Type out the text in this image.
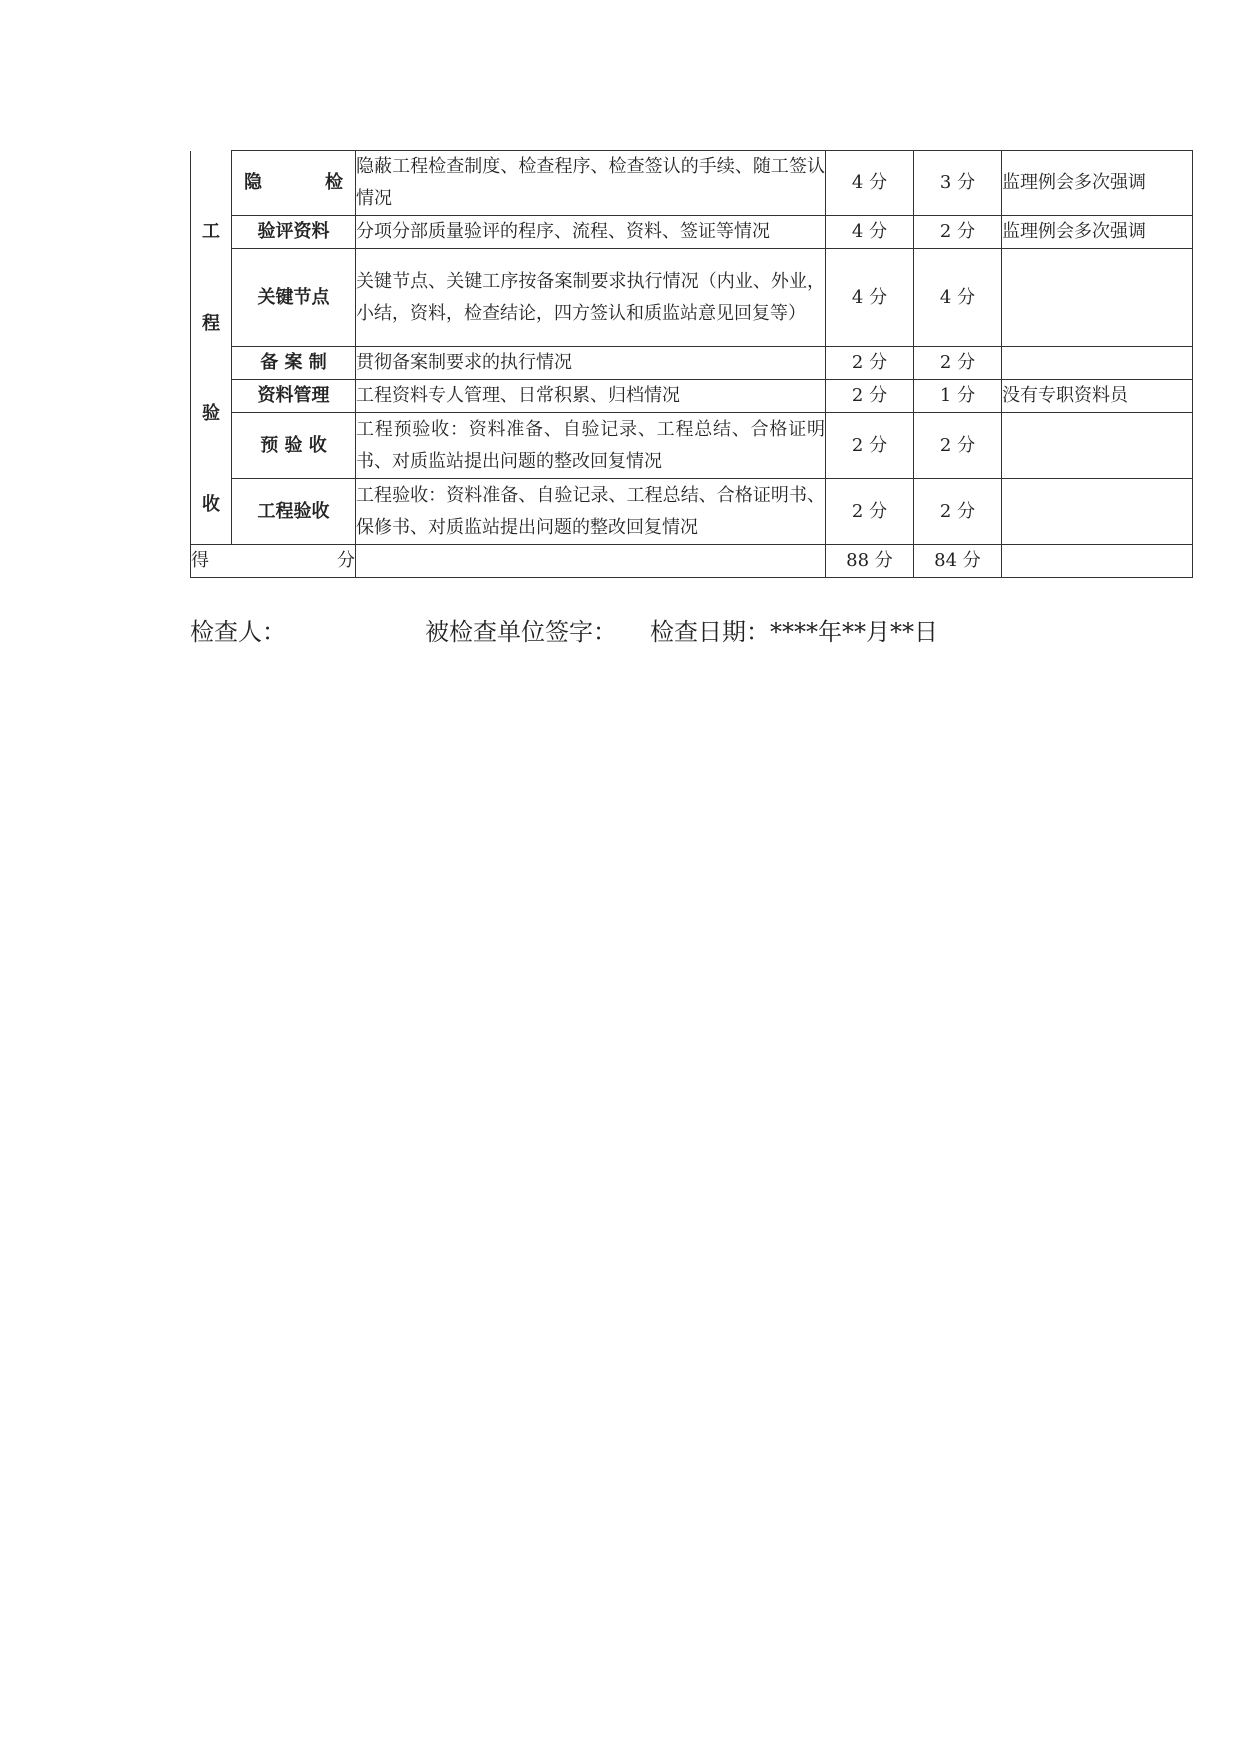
工
程
验
收	隐　　检	隐蔽工程检查制度、检查程序、检查签认的手续、随工签认情况	4 分	3 分	监理例会多次强调
	验评资料	分项分部质量验评的程序、流程、资料、签证等情况	4 分	2 分	监理例会多次强调
	关键节点	关键节点、关键工序按备案制要求执行情况（内业、外业，小结，资料，检查结论，四方签认和质监站意见回复等）	4 分	4 分	
	备 案 制	贯彻备案制要求的执行情况	2 分	2 分	
	资料管理	工程资料专人管理、日常积累、归档情况	2 分	1 分	没有专职资料员
	预 验 收	工程预验收：资料准备、自验记录、工程总结、合格证明书、对质监站提出问题的整改回复情况	2 分	2 分	
	工程验收	工程验收：资料准备、自验记录、工程总结、合格证明书、保修书、对质监站提出问题的整改回复情况	2 分	2 分	
得分			88 分	84 分	
检查人：	被检查单位签字： 检查日期：****年**月**日
